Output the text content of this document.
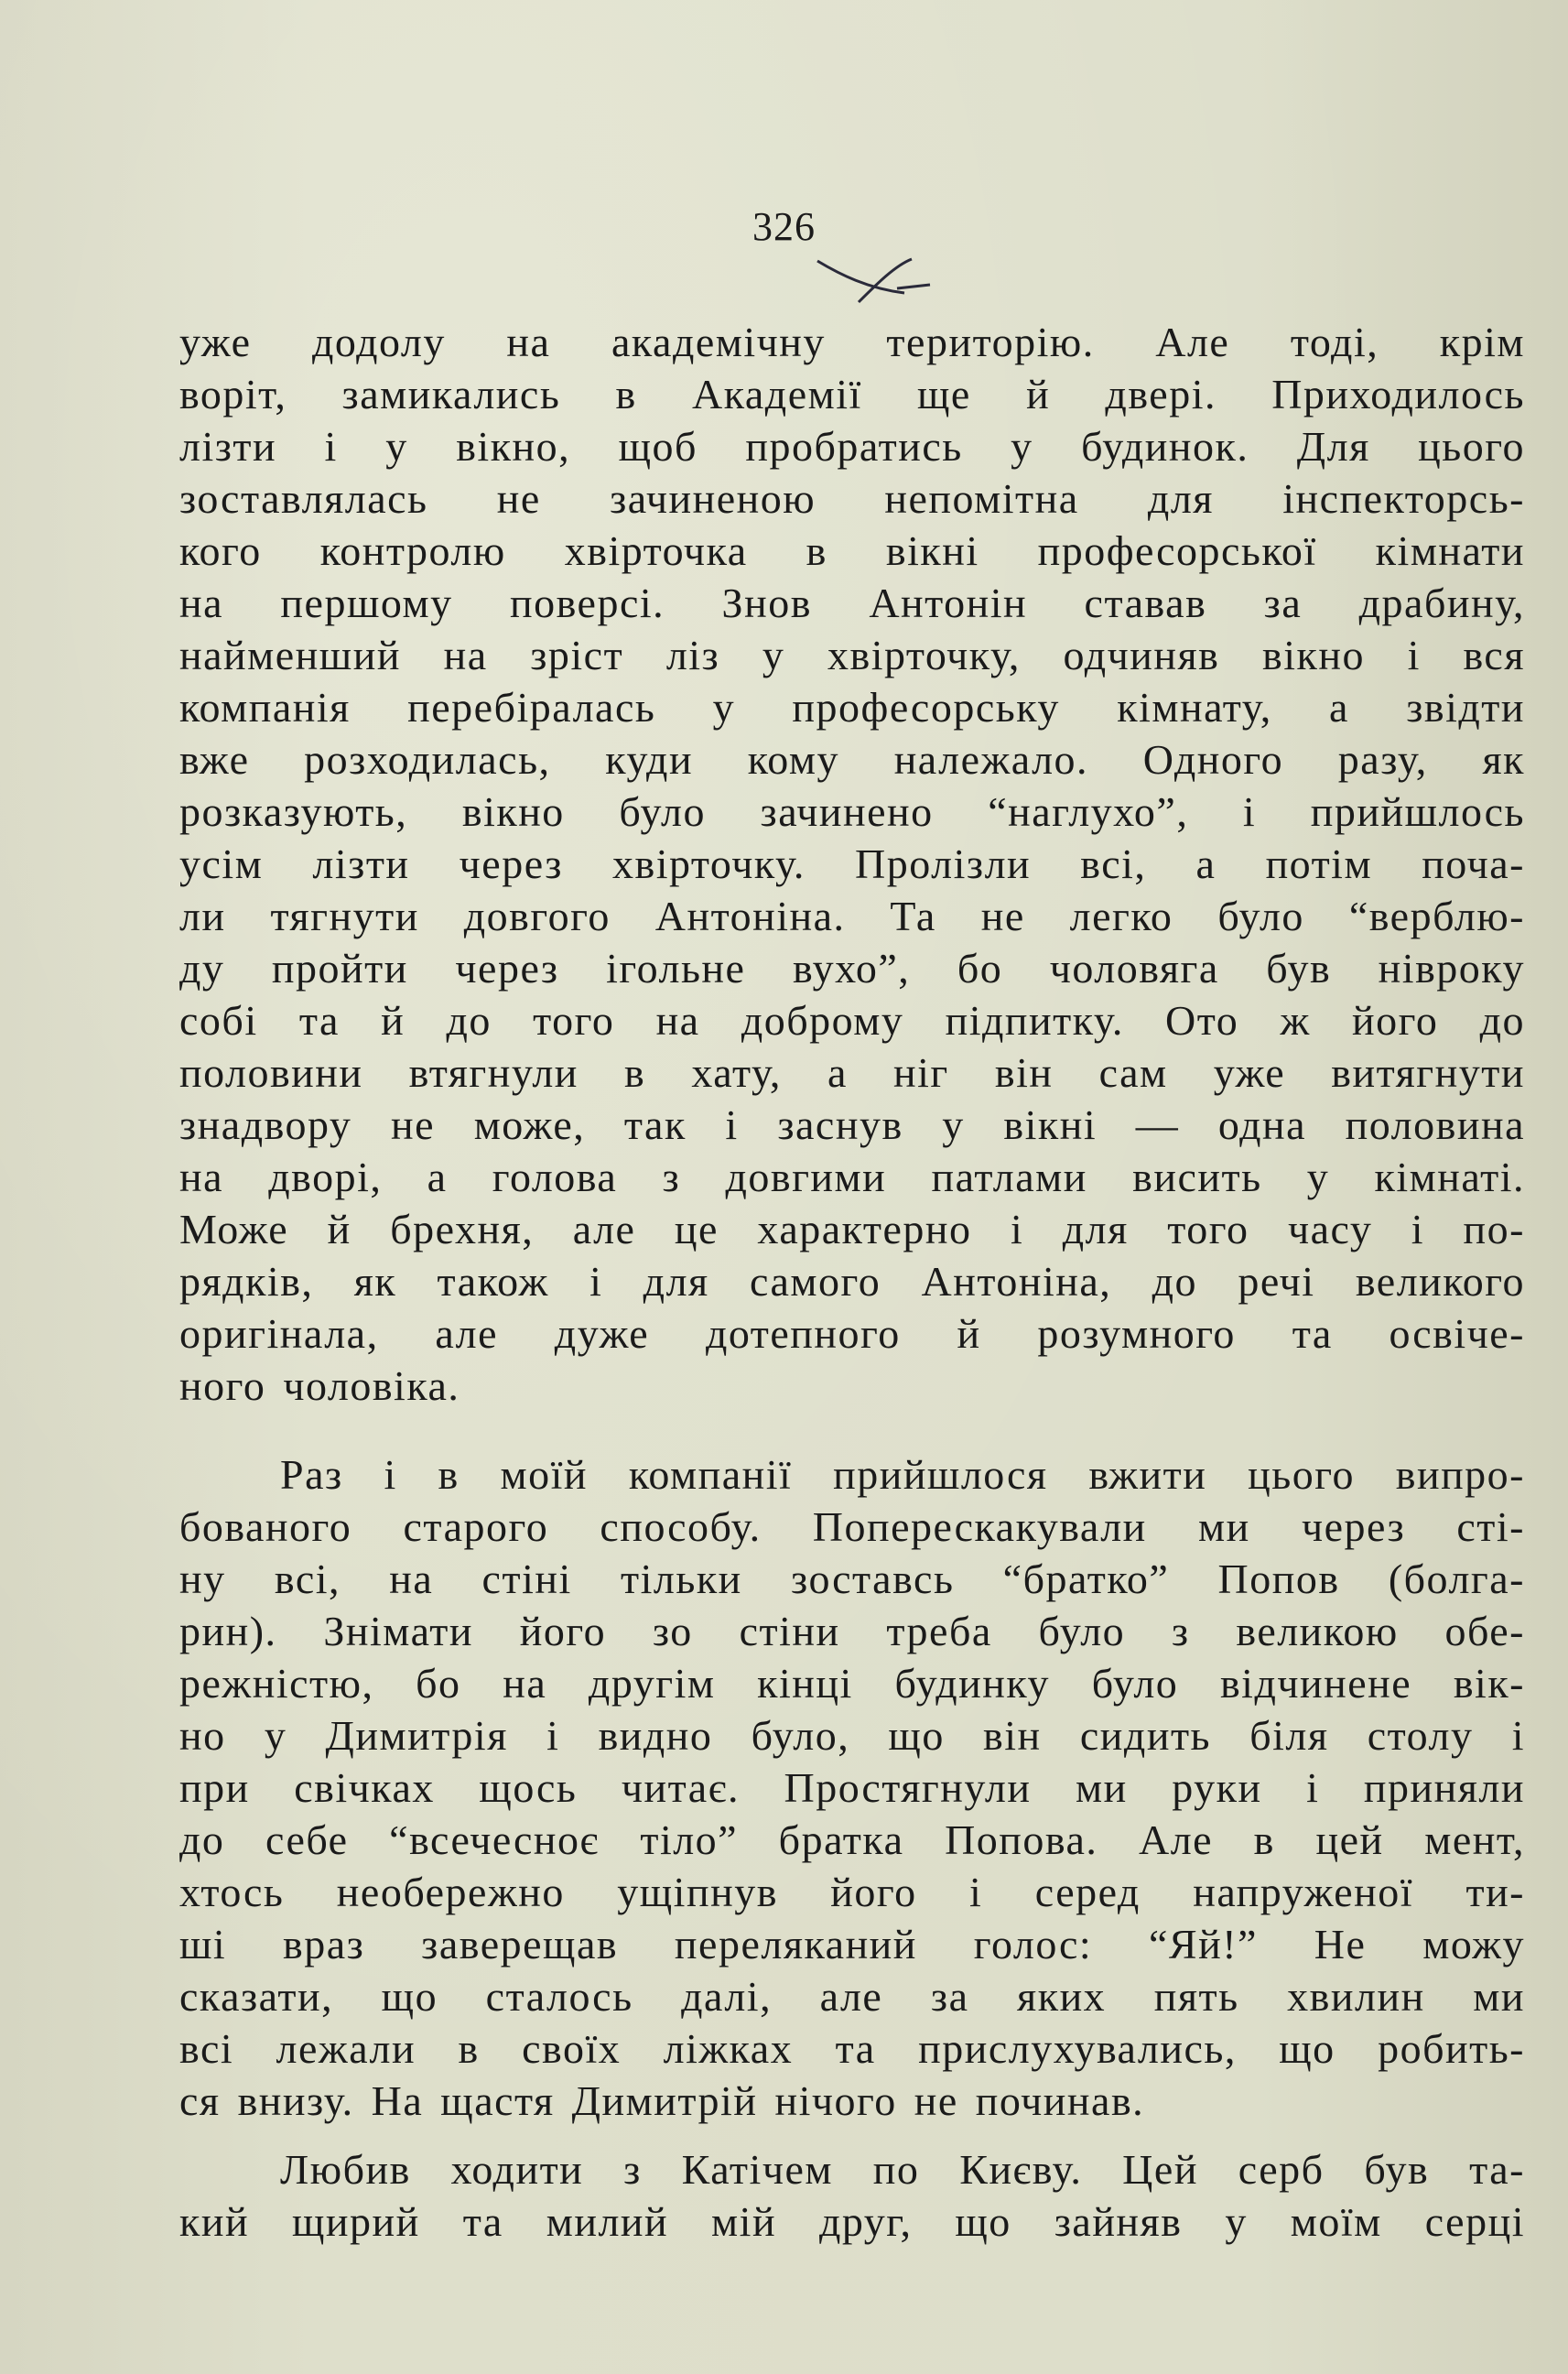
326
уже додолу на академічну територію. Але тоді, крім
воріт, замикались в Академії ще й двері. Приходилось
лізти і у вікно, щоб пробратись у будинок. Для цього
зоставлялась не зачиненою непомітна для інспекторсь-
кого контролю хвірточка в вікні професорської кімнати
на першому поверсі. Знов Антонін ставав за драбину,
найменший на зріст ліз у хвірточку, одчиняв вікно і вся
компанія перебіралась у професорську кімнату, а звідти
вже розходилась, куди кому належало. Одного разу, як
розказують, вікно було зачинено “наглухо”, і прийшлось
усім лізти через хвірточку. Пролізли всі, а потім поча-
ли тягнути довгого Антоніна. Та не легко було “верблю-
ду пройти через ігольне вухо”, бо чоловяга був нівроку
собі та й до того на доброму підпитку. Ото ж його до
половини втягнули в хату, а ніг він сам уже витягнути
знадвору не може, так і заснув у вікні — одна половина
на дворі, а голова з довгими патлами висить у кімнаті.
Може й брехня, але це характерно і для того часу і по-
рядків, як також і для самого Антоніна, до речі великого
оригінала, але дуже дотепного й розумного та освіче-
ного чоловіка.
Раз і в моїй компанії прийшлося вжити цього випро-
бованого старого способу. Поперескакували ми через сті-
ну всі, на стіні тільки зоставсь “братко” Попов (болга-
рин). Знімати його зо стіни треба було з великою обе-
режністю, бо на другім кінці будинку було відчинене вік-
но у Димитрія і видно було, що він сидить біля столу і
при свічках щось читає. Простягнули ми руки і приняли
до себе “всечесноє тіло” братка Попова. Але в цей мент,
хтось необережно ущіпнув його і серед напруженої ти-
ші враз заверещав переляканий голос: “Яй!” Не можу
сказати, що сталось далі, але за яких пять хвилин ми
всі лежали в своїх ліжках та прислухувались, що робить-
ся внизу. На щастя Димитрій нічого не починав.
Любив ходити з Катічем по Києву. Цей серб був та-
кий щирий та милий мій друг, що зайняв у моїм серці
